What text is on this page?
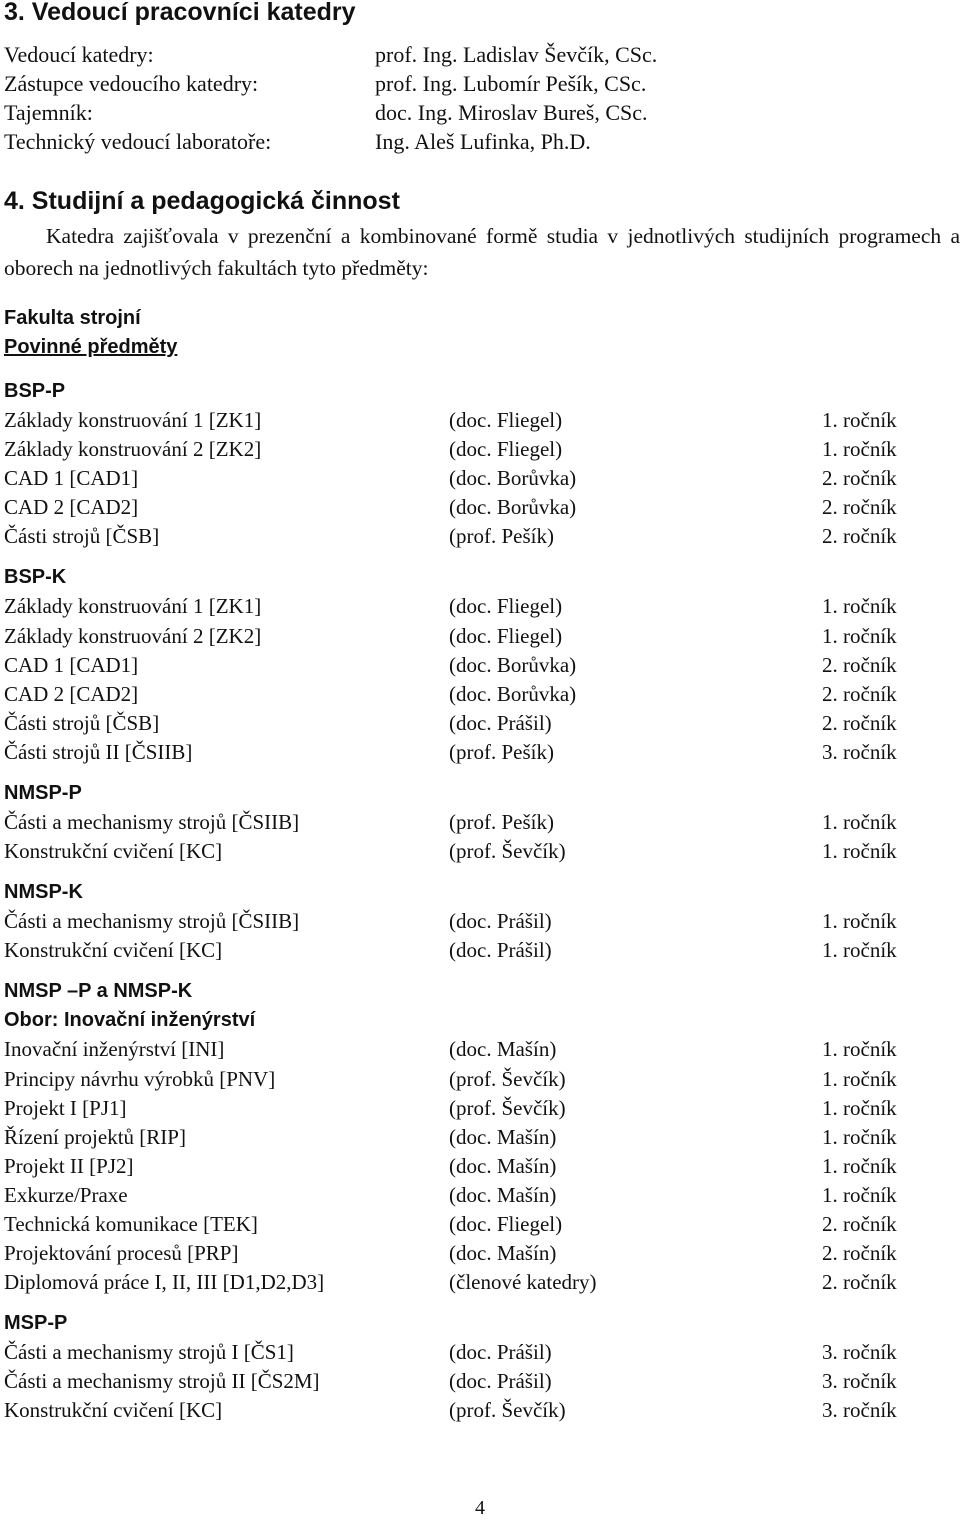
3. Vedoucí pracovníci katedry
Vedoucí katedry:	prof. Ing. Ladislav Ševčík, CSc.
Zástupce vedoucího katedry:	prof. Ing. Lubomír Pešík, CSc.
Tajemník:	doc. Ing. Miroslav Bureš, CSc.
Technický vedoucí laboratoře:	Ing. Aleš Lufinka, Ph.D.
4. Studijní a pedagogická činnost

Katedra zajišťovala v prezenční a kombinované formě studia v jednotlivých studijních programech a oborech na jednotlivých fakultách tyto předměty:

Fakulta strojní
Povinné předměty
BSP-P
Základy konstruování 1 [ZK1]	(doc. Fliegel)	1. ročník
Základy konstruování 2 [ZK2]	(doc. Fliegel)	1. ročník
CAD 1 [CAD1]	(doc. Borůvka)	2. ročník
CAD 2 [CAD2]	(doc. Borůvka)	2. ročník
Části strojů [ČSB]	(prof. Pešík)	2. ročník
BSP-K
Základy konstruování 1 [ZK1]	(doc. Fliegel)	1. ročník
Základy konstruování 2 [ZK2]	(doc. Fliegel)	1. ročník
CAD 1 [CAD1]	(doc. Borůvka)	2. ročník
CAD 2 [CAD2]	(doc. Borůvka)	2. ročník
Části strojů [ČSB]	(doc. Prášil)	2. ročník
Části strojů II [ČSIIB]	(prof. Pešík)	3. ročník
NMSP-P
Části a mechanismy strojů [ČSIIB]	(prof. Pešík)	1. ročník
Konstrukční cvičení [KC]	(prof. Ševčík)	1. ročník
NMSP-K
Části a mechanismy strojů [ČSIIB]	(doc. Prášil)	1. ročník
Konstrukční cvičení [KC]	(doc. Prášil)	1. ročník
NMSP –P a NMSP-K
Obor: Inovační inženýrství
Inovační inženýrství [INI]	(doc. Mašín)	1. ročník
Principy návrhu výrobků [PNV]	(prof. Ševčík)	1. ročník
Projekt I [PJ1]	(prof. Ševčík)	1. ročník
Řízení projektů [RIP]	(doc. Mašín)	1. ročník
Projekt II [PJ2]	(doc. Mašín)	1. ročník
Exkurze/Praxe	(doc. Mašín)	1. ročník
Technická komunikace [TEK]	(doc. Fliegel)	2. ročník
Projektování procesů [PRP]	(doc. Mašín)	2. ročník
Diplomová práce I, II, III [D1,D2,D3]	(členové katedry)	2. ročník
MSP-P
Části a mechanismy strojů I [ČS1]	(doc. Prášil)	3. ročník
Části a mechanismy strojů II [ČS2M]	(doc. Prášil)	3. ročník
Konstrukční cvičení [KC]	(prof. Ševčík)	3. ročník
4
